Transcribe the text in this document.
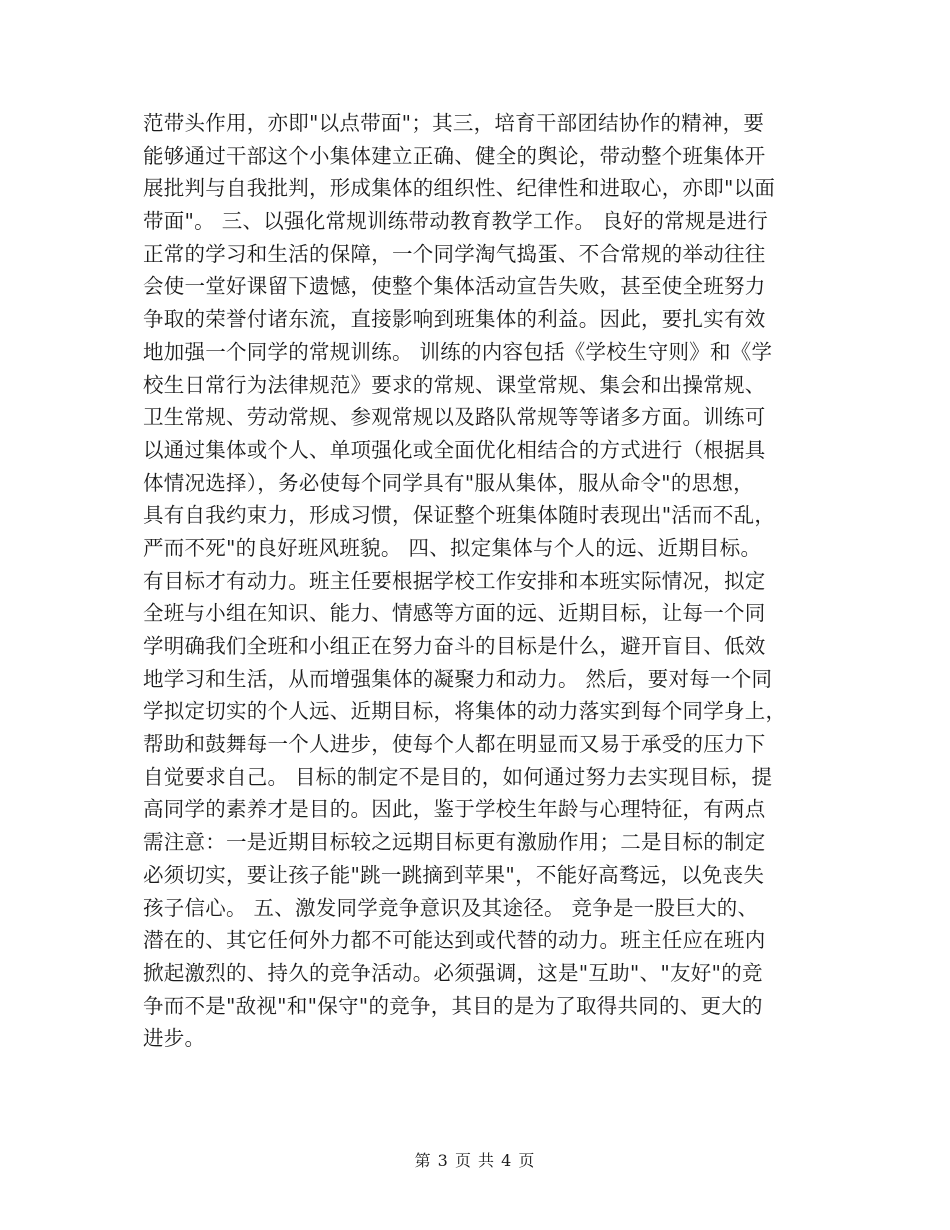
范带头作用，亦即"以点带面"；其三，培育干部团结协作的精神，要
能够通过干部这个小集体建立正确、健全的舆论，带动整个班集体开
展批判与自我批判，形成集体的组织性、纪律性和进取心，亦即"以面
带面"。 三、以强化常规训练带动教育教学工作。 良好的常规是进行
正常的学习和生活的保障，一个同学淘气捣蛋、不合常规的举动往往
会使一堂好课留下遗憾，使整个集体活动宣告失败，甚至使全班努力
争取的荣誉付诸东流，直接影响到班集体的利益。因此，要扎实有效
地加强一个同学的常规训练。 训练的内容包括《学校生守则》和《学
校生日常行为法律规范》要求的常规、课堂常规、集会和出操常规、
卫生常规、劳动常规、参观常规以及路队常规等等诸多方面。训练可
以通过集体或个人、单项强化或全面优化相结合的方式进行（根据具
体情况选择），务必使每个同学具有"服从集体，服从命令"的思想，
具有自我约束力，形成习惯，保证整个班集体随时表现出"活而不乱，
严而不死"的良好班风班貌。 四、拟定集体与个人的远、近期目标。
有目标才有动力。班主任要根据学校工作安排和本班实际情况，拟定
全班与小组在知识、能力、情感等方面的远、近期目标，让每一个同
学明确我们全班和小组正在努力奋斗的目标是什么，避开盲目、低效
地学习和生活，从而增强集体的凝聚力和动力。 然后，要对每一个同
学拟定切实的个人远、近期目标，将集体的动力落实到每个同学身上，
帮助和鼓舞每一个人进步，使每个人都在明显而又易于承受的压力下
自觉要求自己。 目标的制定不是目的，如何通过努力去实现目标，提
高同学的素养才是目的。因此，鉴于学校生年龄与心理特征，有两点
需注意：一是近期目标较之远期目标更有激励作用；二是目标的制定
必须切实，要让孩子能"跳一跳摘到苹果"，不能好高骛远，以免丧失
孩子信心。 五、激发同学竞争意识及其途径。 竞争是一股巨大的、
潜在的、其它任何外力都不可能达到或代替的动力。班主任应在班内
掀起激烈的、持久的竞争活动。必须强调，这是"互助"、"友好"的竞
争而不是"敌视"和"保守"的竞争，其目的是为了取得共同的、更大的
进步。
第 3 页 共 4 页
